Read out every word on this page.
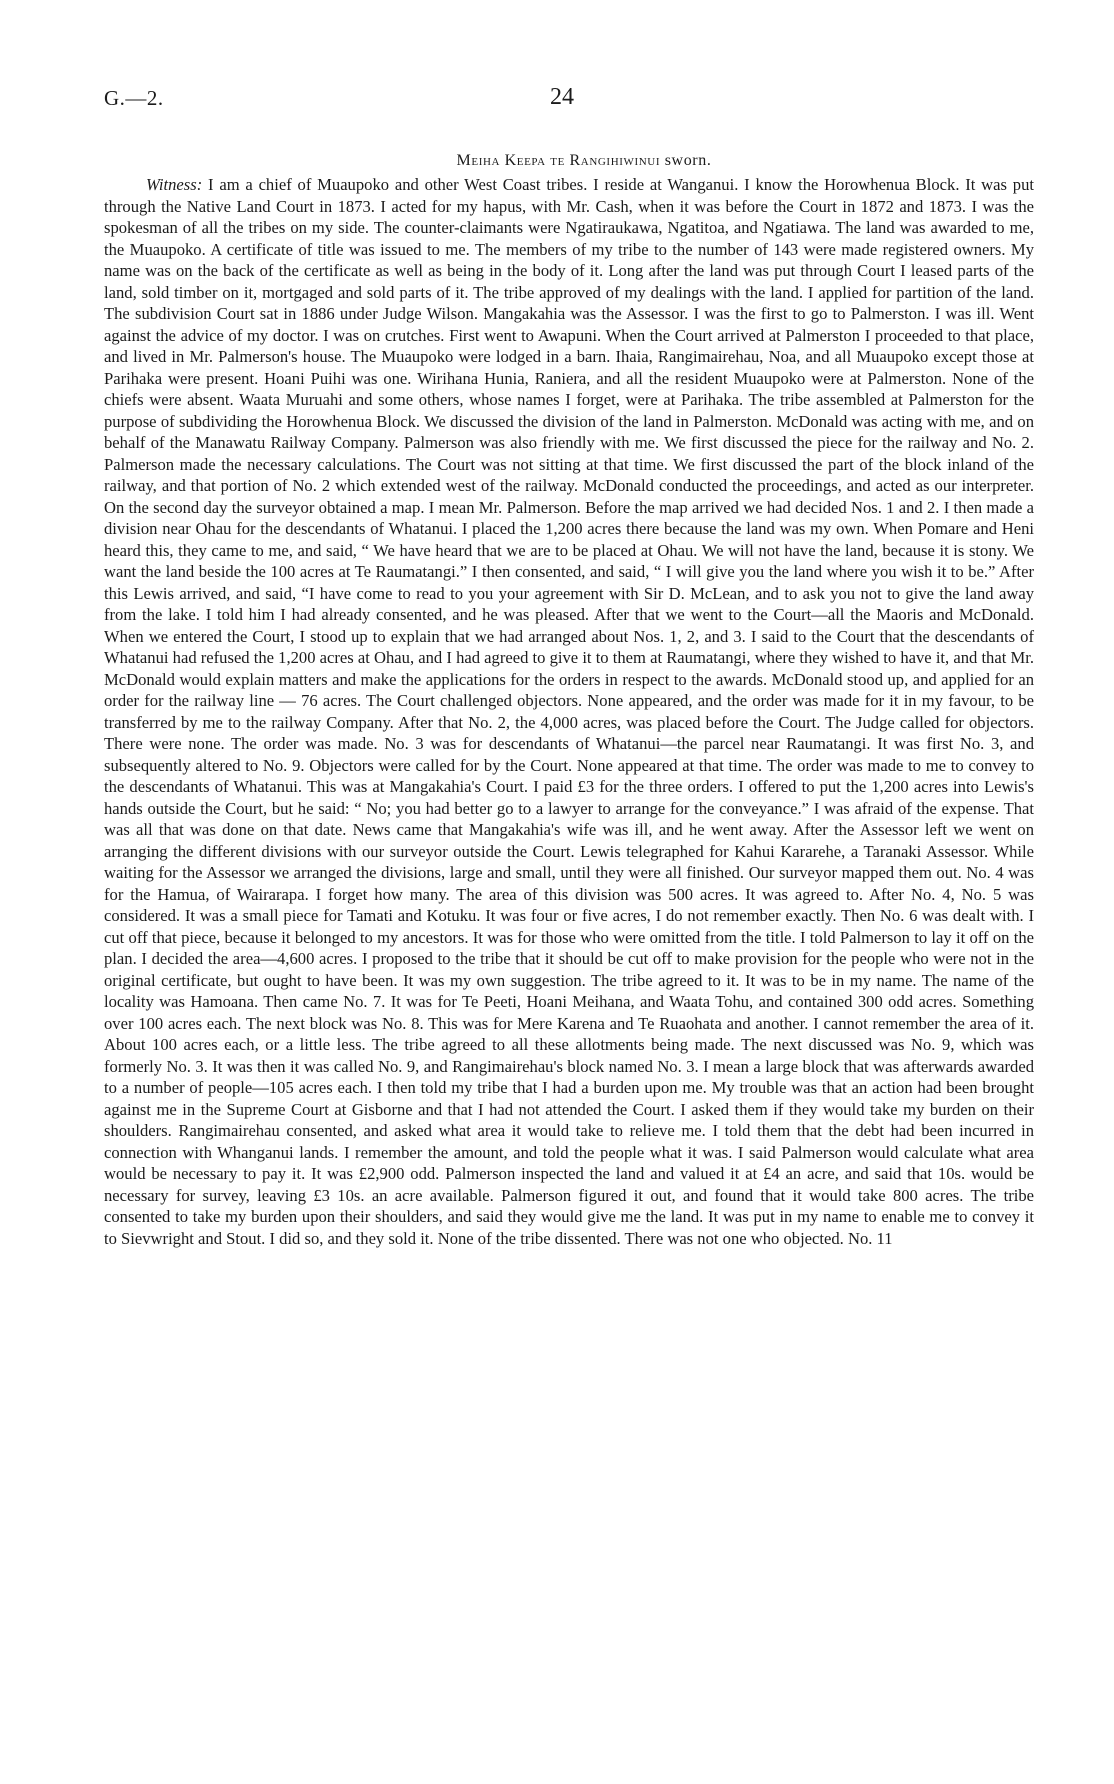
G.—2.	24
Meiha Keepa te Rangihiwinui sworn.

Witness: I am a chief of Muaupoko and other West Coast tribes. I reside at Wanganui. I know the Horowhenua Block. It was put through the Native Land Court in 1873. I acted for my hapus, with Mr. Cash, when it was before the Court in 1872 and 1873. I was the spokesman of all the tribes on my side. The counter-claimants were Ngatiraukawa, Ngatitoa, and Ngatiawa. The land was awarded to me, the Muaupoko. A certificate of title was issued to me. The members of my tribe to the number of 143 were made registered owners. My name was on the back of the certificate as well as being in the body of it. Long after the land was put through Court I leased parts of the land, sold timber on it, mortgaged and sold parts of it. The tribe approved of my dealings with the land. I applied for partition of the land. The subdivision Court sat in 1886 under Judge Wilson. Mangakahia was the Assessor. I was the first to go to Palmerston. I was ill. Went against the advice of my doctor. I was on crutches. First went to Awapuni. When the Court arrived at Palmerston I proceeded to that place, and lived in Mr. Palmerson's house. The Muaupoko were lodged in a barn. Ihaia, Rangimairehau, Noa, and all Muaupoko except those at Parihaka were present. Hoani Puihi was one. Wirihana Hunia, Raniera, and all the resident Muaupoko were at Palmerston. None of the chiefs were absent. Waata Muruahi and some others, whose names I forget, were at Parihaka. The tribe assembled at Palmerston for the purpose of subdividing the Horowhenua Block. We discussed the division of the land in Palmerston. McDonald was acting with me, and on behalf of the Manawatu Railway Company. Palmerson was also friendly with me. We first discussed the piece for the railway and No. 2. Palmerson made the necessary calculations. The Court was not sitting at that time. We first discussed the part of the block inland of the railway, and that portion of No. 2 which extended west of the railway. McDonald conducted the proceedings, and acted as our interpreter. On the second day the surveyor obtained a map. I mean Mr. Palmerson. Before the map arrived we had decided Nos. 1 and 2. I then made a division near Ohau for the descendants of Whatanui. I placed the 1,200 acres there because the land was my own. When Pomare and Heni heard this, they came to me, and said, “ We have heard that we are to be placed at Ohau. We will not have the land, because it is stony. We want the land beside the 100 acres at Te Raumatangi.” I then consented, and said, “ I will give you the land where you wish it to be.” After this Lewis arrived, and said, “I have come to read to you your agreement with Sir D. McLean, and to ask you not to give the land away from the lake. I told him I had already consented, and he was pleased. After that we went to the Court—all the Maoris and McDonald. When we entered the Court, I stood up to explain that we had arranged about Nos. 1, 2, and 3. I said to the Court that the descendants of Whatanui had refused the 1,200 acres at Ohau, and I had agreed to give it to them at Raumatangi, where they wished to have it, and that Mr. McDonald would explain matters and make the applications for the orders in respect to the awards. McDonald stood up, and applied for an order for the railway line — 76 acres. The Court challenged objectors. None appeared, and the order was made for it in my favour, to be transferred by me to the railway Company. After that No. 2, the 4,000 acres, was placed before the Court. The Judge called for objectors. There were none. The order was made. No. 3 was for descendants of Whatanui—the parcel near Raumatangi. It was first No. 3, and subsequently altered to No. 9. Objectors were called for by the Court. None appeared at that time. The order was made to me to convey to the descendants of Whatanui. This was at Mangakahia's Court. I paid £3 for the three orders. I offered to put the 1,200 acres into Lewis's hands outside the Court, but he said: “ No; you had better go to a lawyer to arrange for the conveyance.” I was afraid of the expense. That was all that was done on that date. News came that Mangakahia's wife was ill, and he went away. After the Assessor left we went on arranging the different divisions with our surveyor outside the Court. Lewis telegraphed for Kahui Kararehe, a Taranaki Assessor. While waiting for the Assessor we arranged the divisions, large and small, until they were all finished. Our surveyor mapped them out. No. 4 was for the Hamua, of Wairarapa. I forget how many. The area of this division was 500 acres. It was agreed to. After No. 4, No. 5 was considered. It was a small piece for Tamati and Kotuku. It was four or five acres, I do not remember exactly. Then No. 6 was dealt with. I cut off that piece, because it belonged to my ancestors. It was for those who were omitted from the title. I told Palmerson to lay it off on the plan. I decided the area—4,600 acres. I proposed to the tribe that it should be cut off to make provision for the people who were not in the original certificate, but ought to have been. It was my own suggestion. The tribe agreed to it. It was to be in my name. The name of the locality was Hamoana. Then came No. 7. It was for Te Peeti, Hoani Meihana, and Waata Tohu, and contained 300 odd acres. Something over 100 acres each. The next block was No. 8. This was for Mere Karena and Te Ruaohata and another. I cannot remember the area of it. About 100 acres each, or a little less. The tribe agreed to all these allotments being made. The next discussed was No. 9, which was formerly No. 3. It was then it was called No. 9, and Rangimairehau's block named No. 3. I mean a large block that was afterwards awarded to a number of people—105 acres each. I then told my tribe that I had a burden upon me. My trouble was that an action had been brought against me in the Supreme Court at Gisborne and that I had not attended the Court. I asked them if they would take my burden on their shoulders. Rangimairehau consented, and asked what area it would take to relieve me. I told them that the debt had been incurred in connection with Whanganui lands. I remember the amount, and told the people what it was. I said Palmerson would calculate what area would be necessary to pay it. It was £2,900 odd. Palmerson inspected the land and valued it at £4 an acre, and said that 10s. would be necessary for survey, leaving £3 10s. an acre available. Palmerson figured it out, and found that it would take 800 acres. The tribe consented to take my burden upon their shoulders, and said they would give me the land. It was put in my name to enable me to convey it to Sievwright and Stout. I did so, and they sold it. None of the tribe dissented. There was not one who objected. No. 11
